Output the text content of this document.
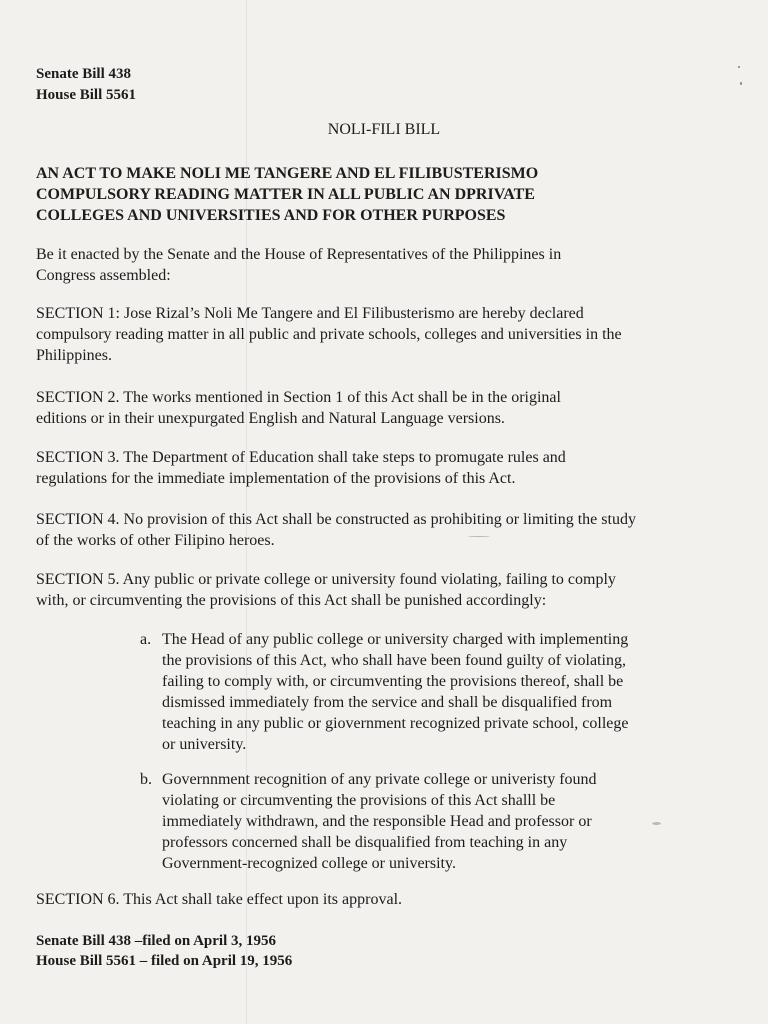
Senate Bill 438
House Bill 5561
NOLI-FILI BILL
AN ACT TO MAKE NOLI ME TANGERE AND EL FILIBUSTERISMO
COMPULSORY READING MATTER IN ALL PUBLIC AN DPRIVATE
COLLEGES AND UNIVERSITIES AND FOR OTHER PURPOSES
Be it enacted by the Senate and the House of Representatives of the Philippines in Congress assembled:
SECTION 1: Jose Rizal’s Noli Me Tangere and El Filibusterismo are hereby declared compulsory reading matter in all public and private schools, colleges and universities in the Philippines.
SECTION 2. The works mentioned in Section 1 of this Act shall be in the original editions or in their unexpurgated English and Natural Language versions.
SECTION 3. The Department of Education shall take steps to promugate rules and regulations for the immediate implementation of the provisions of this Act.
SECTION 4. No provision of this Act shall be constructed as prohibiting or limiting the study of the works of other Filipino heroes.
SECTION 5. Any public or private college or university found violating, failing to comply with, or circumventing the provisions of this Act shall be punished accordingly:
a. The Head of any public college or university charged with implementing the provisions of this Act, who shall have been found guilty of violating, failing to comply with, or circumventing the provisions thereof, shall be dismissed immediately from the service and shall be disqualified from teaching in any public or giovernment recognized private school, college or university.
b. Governnment recognition of any private college or univeristy found violating or circumventing the provisions of this Act shalll be immediately withdrawn, and the responsible Head and professor or professors concerned shall be disqualified from teaching in any Government-recognized college or university.
SECTION 6. This Act shall take effect upon its approval.
Senate Bill 438 –filed on April 3, 1956
House Bill 5561 – filed on April 19, 1956
